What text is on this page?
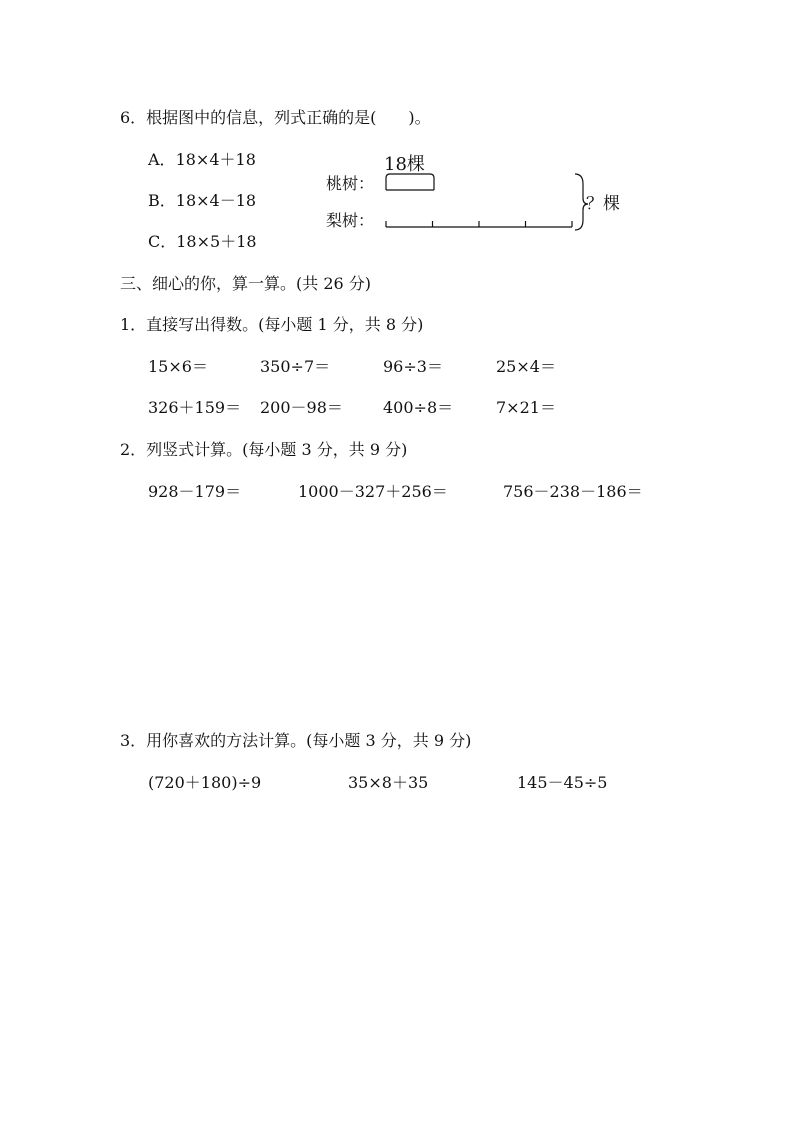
6．根据图中的信息，列式正确的是(　　)。
A．18×4＋18
B．18×4－18
C．18×5＋18
18棵
桃树：
梨树：
？棵
三、细心的你，算一算。(共 26 分)
1．直接写出得数。(每小题 1 分，共 8 分)
15×6＝	350÷7＝	96÷3＝	25×4＝
326＋159＝ 200－98＝	400÷8＝	7×21＝
2．列竖式计算。(每小题 3 分，共 9 分)
928－179＝	1000－327＋256＝	756－238－186＝
3．用你喜欢的方法计算。(每小题 3 分，共 9 分)
(720＋180)÷9	35×8＋35	145－45÷5
